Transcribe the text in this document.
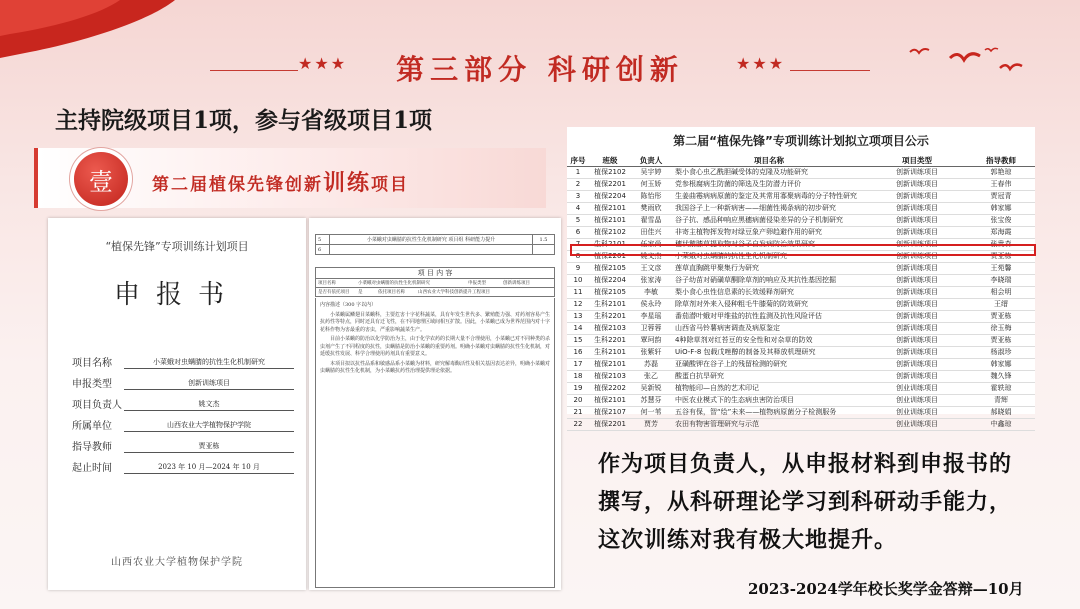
★★★ 第三部分 科研创新	★★★
主持院级项目1项，参与省级项目1项
壹	第二届植保先锋创新训练项目
“植保先锋”专项训练计划项目
申报书
项目名称	小菜蛾对虫螨腈的抗性生化机制研究
申报类型	创新训练项目
项目负责人	姚文杰
所属单位	山西农业大学植物保护学院
指导教师	贾亚栋
起止时间	2023 年 10 月—2024 年 10 月
山西农业大学植物保护学院
5	小菜蛾对虫螨腈的抗性生化机制研究 项目组 科研能力提升	1.5
6		
项 目 内 容
项目名称	小菜蛾对虫螨腈的抗性生化机制研究	申报类型	创新训练项目
是否有依托项目	是	依托项目名称	山西农业大学科技创新提升工程项目

内容描述（300 字以内）

小菜蛾属鳞翅目菜蛾科，主要危害十字花科蔬菜，具有年发生世代多、繁殖能力强、对药剂容易产生抗药性等特点，同时还具有迁飞性，在不同地理区域间相互扩散。因此，小菜蛾已成为世界范围内对十字花科作物为害最重的害虫，严重影响蔬菜生产。

目前小菜蛾的防治以化学防治为主，由于化学农药的长期大量不合理使用，小菜蛾已对不同种类的杀虫剂产生了不同程度的抗性，虫螨腈是防治小菜蛾的重要药剂。明确小菜蛾对虫螨腈的抗性生化机制，对延缓抗性发展、科学合理使用药剂具有重要意义。

本项目拟以抗性品系和敏感品系小菜蛾为材料，研究解毒酶活性及相关基因表达差异，明确小菜蛾对虫螨腈的抗性生化机制，为小菜蛾抗药性治理提供理论依据。

第二届“植保先锋”专项训练计划拟立项项目公示
序号	班级	负责人	项目名称	项目类型	指导教师
1	植保2102	吴宇婷	梨小食心虫乙酰胆碱受体的克隆及功能研究	创新训练项目	郭艳琼
2	植保2201	何玉娇	党参根腐病生防菌的筛选及生防潜力评价	创新训练项目	王春伟
3	植保2204	陈怡彤	生姜曲霉病病原菌的鉴定及其常用寡聚病毒的分子特性研究	创新训练项目	贾冠青
4	植保2101	樊雨欣	我国谷子上一种新病害——细菌性褐条病的初步研究	创新训练项目	韩家娜
5	植保2101	翟雪晶	谷子抗、感品种响应黑穗病菌侵染差异的分子机制研究	创新训练项目	张宝俊
6	植保2102	田佳兴	非寄主植物挥发物对绿豆象产卵趋避作用的研究	创新训练项目	郑海霞
7	生科2101	任家尚	穗状鹅膝草提取物对谷子白发病防治效果研究	创新训练项目	张贵森
8	植保2201	姚文杰	小菜蛾对虫螨腈的抗性生化机制研究	创新训练项目	贾亚栋
9	植保2105	王文彦	莲草直胸跳甲聚集行为研究	创新训练项目	王苑馨
10	植保2204	张家涛	谷子幼苗对硝磺草酮除草剂的响应及其抗性基因挖掘	创新训练项目	李晓瑞
11	植保2105	李敏	梨小食心虫性信息素的长效缓释剂研究	创新训练项目	相会明
12	生科2101	侯永玲	除草剂对外来入侵种粗毛牛膝菊的防效研究	创新训练项目	王缙
13	生科2201	李星瑶	番茄潜叶蛾对甲维盐的抗性监测及抗性风险评估	创新训练项目	贾亚栋
14	植保2103	卫蓉蓉	山西省马铃薯病害调查及病原鉴定	创新训练项目	徐玉梅
15	生科2201	覃珂韵	4种除草剂对红苔豆的安全性和对杂草的防效	创新训练项目	贾亚栋
16	生科2101	张紫轩	UiO-F-8 包载戊唑醇的制备及其释放机理研究	创新训练项目	杨淑珍
17	植保2101	苏磊	亚磺酸钾在谷子上的残留检测的研究	创新训练项目	韩家娜
18	植保2103	张乙	酸蛋白抗旱研究	创新训练项目	魏久锋
19	植保2202	吴新锐	植物能印—自然的艺术印记	创业训练项目	霍轶琼
20	植保2101	苏慧芬	中医农业模式下的生态病虫害防治项目	创业训练项目	青辉
21	植保2107	何一苇	五谷有保，智“绘”未来——植物病原菌分子检测服务	创业训练项目	郝晓娟
22	植保2201	贾芳	农田有物害管理研究与示范	创业训练项目	中鑫琼
作为项目负责人，从申报材料到申报书的撰写，从科研理论学习到科研动手能力，这次训练对我有极大地提升。
2023-2024学年校长奖学金答辩—10月
